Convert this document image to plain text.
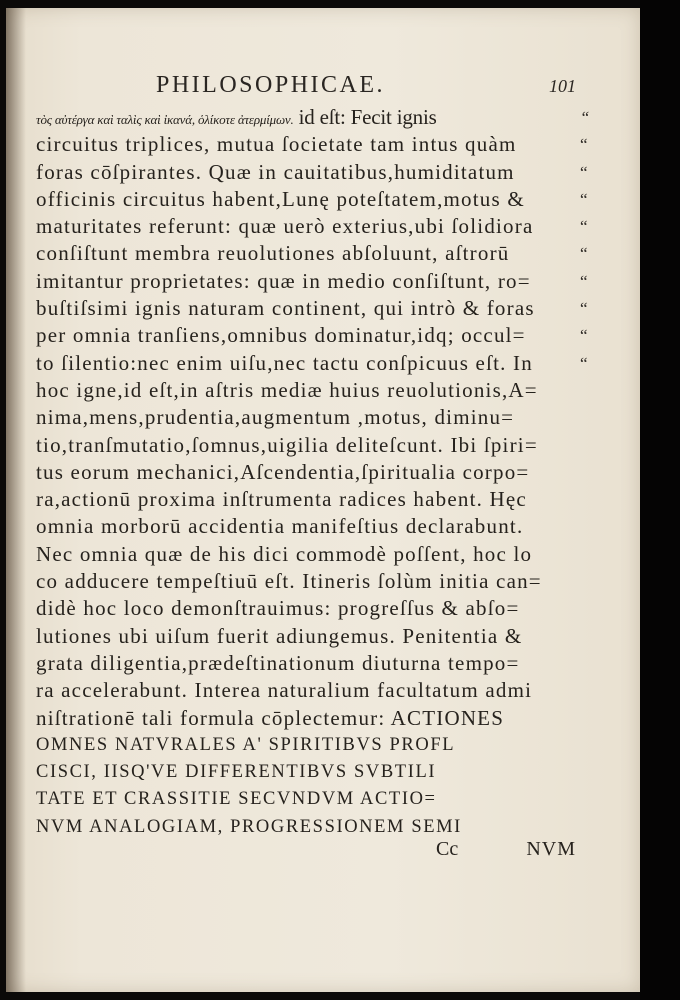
PHILOSOPHICAE.	101
τὸς αὐτέργα καὶ ταλὶς καὶ ἰκανά, ὁλίκοτε ἀτερμίμων. id eſt: Fecit ignis	“
circuitus triplices, mutua ſocietate tam intus quàm	“
foras cōſpirantes. Quæ in cauitatibus,humiditatum	“
officinis circuitus habent,Lunę poteſtatem,motus &	“
maturitates referunt: quæ uerò exterius,ubi ſolidiora	“
conſiſtunt membra reuolutiones abſoluunt, aſtrorū	“
imitantur proprietates: quæ in medio conſiſtunt, ro=	“
buſtiſsimi ignis naturam continent, qui intrò & foras	“
per omnia tranſiens,omnibus dominatur,idq; occul=	“
to ſilentio:nec enim uiſu,nec tactu conſpicuus eſt. In	“
hoc igne,id eſt,in aſtris mediæ huius reuolutionis,A=
nima,mens,prudentia,augmentum ,motus, diminu=
tio,tranſmutatio,ſomnus,uigilia deliteſcunt. Ibi ſpiri=
tus eorum mechanici,Aſcendentia,ſpiritualia corpo=
ra,actionū proxima inſtrumenta radices habent. Hęc
omnia morborū accidentia manifeſtius declarabunt.
Nec omnia quæ de his dici commodè poſſent, hoc lo
co adducere tempeſtiuū eſt. Itineris ſolùm initia can=
didè hoc loco demonſtrauimus: progreſſus & abſo=
lutiones ubi uiſum fuerit adiungemus. Penitentia &
grata diligentia,prædeſtinationum diuturna tempo=
ra accelerabunt. Interea naturalium facultatum admi
niſtrationē tali formula cōplectemur: ACTIONES
OMNES NATVRALES A' SPIRITIBVS PROFL
CISCI, IISQ'VE DIFFERENTIBVS SVBTILI
TATE ET CRASSITIE SECVNDVM ACTIO=
NVM ANALOGIAM, PROGRESSIONEM SEMI
Cc	NVM
